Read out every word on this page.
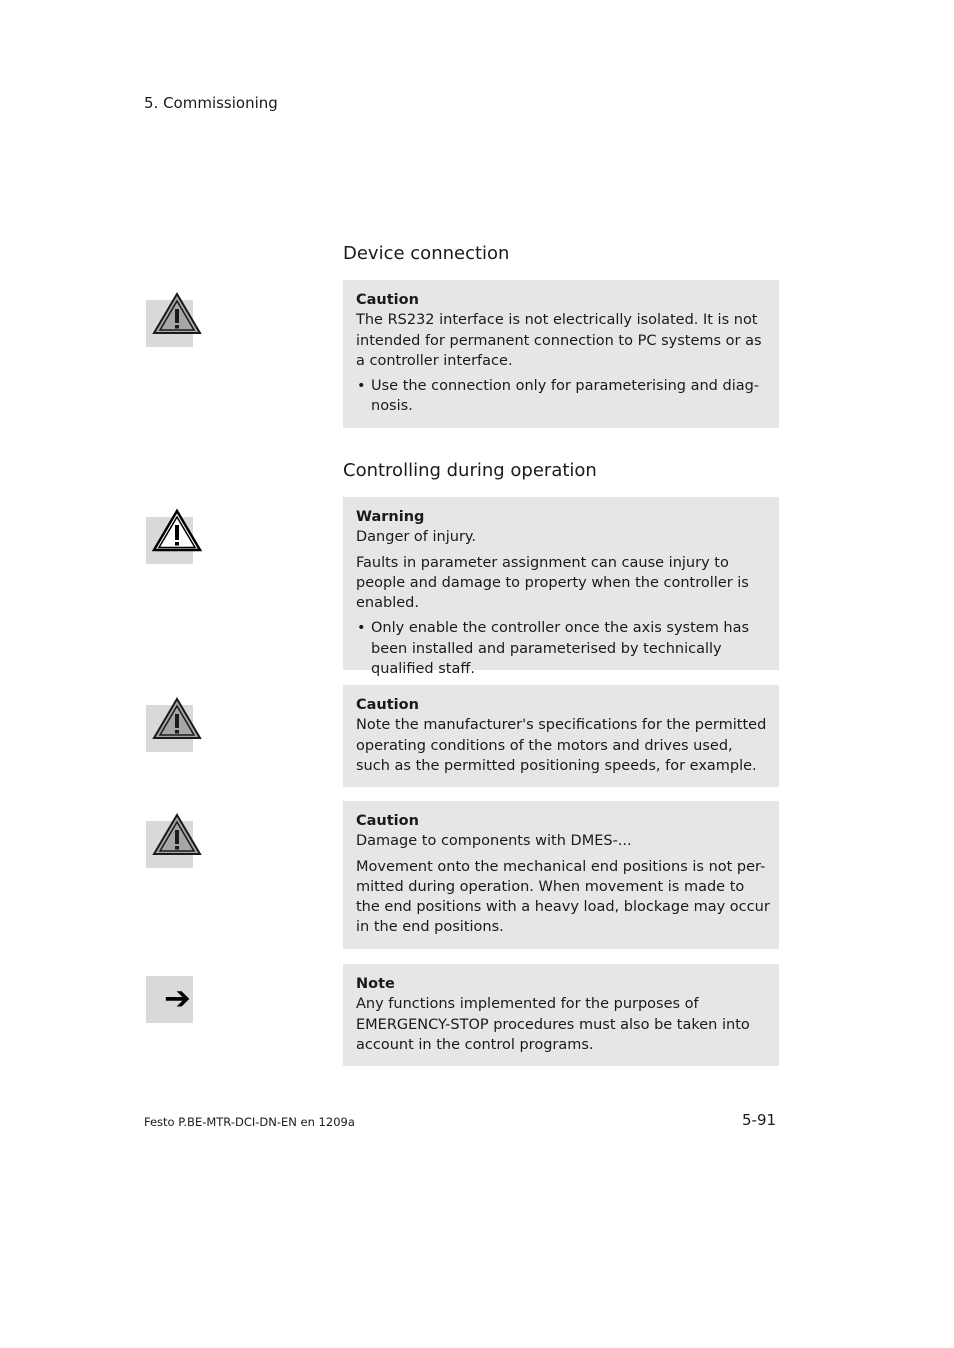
5. Commissioning
Device connection
Controlling during operation
Caution

The RS232 interface is not electrically isolated. It is not intended for permanent connection to PC systems or as a controller interface.

• Use the connection only for parameterising and diag-nosis.
Warning

Danger of injury.

Faults in parameter assignment can cause injury to people and damage to property when the controller is enabled.

• Only enable the controller once the axis system has been installed and parameterised by technically qualified staff.
Caution

Note the manufacturer's specifications for the permitted operating conditions of the motors and drives used, such as the permitted positioning speeds, for example.

Caution

Damage to components with DMES-...

Movement onto the mechanical end positions is not per-mitted during operation. When movement is made to the end positions with a heavy load, blockage may occur in the end positions.

➔	Note

Any functions implemented for the purposes of EMERGENCY-STOP procedures must also be taken into account in the control programs.

Festo P.BE-MTR-DCI-DN-EN en 1209a	5-91
